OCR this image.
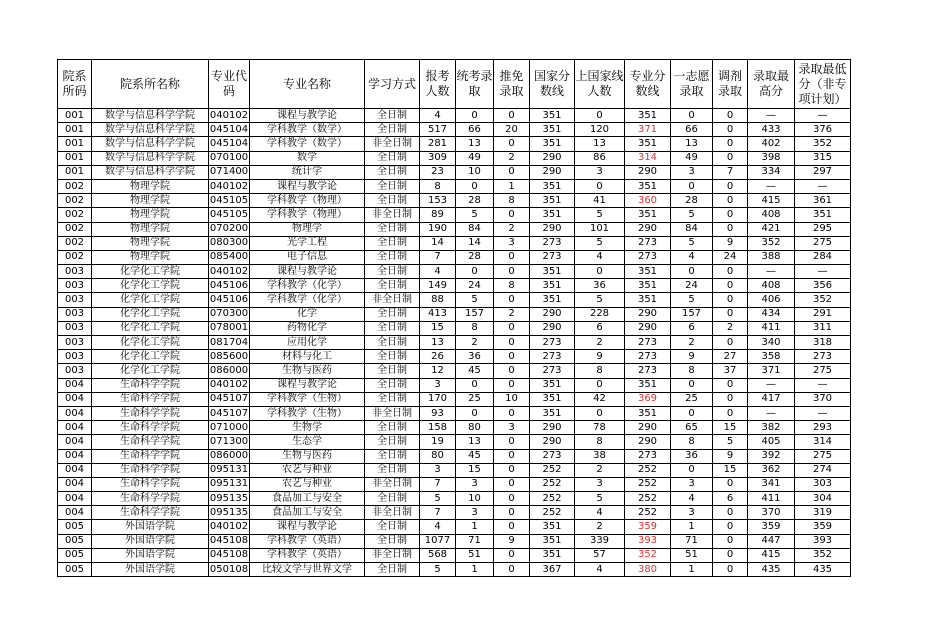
院系所码	院系所名称	专业代码	专业名称	学习方式	报考人数	统考录取	推免录取	国家分数线	上国家线人数	专业分数线	一志愿录取	调剂录取	录取最高分	录取最低分（非专项计划）
001	数学与信息科学学院	040102	课程与教学论	全日制	4	0	0	351	0	351	0	0	—	—
001	数学与信息科学学院	045104	学科教学（数学）	全日制	517	66	20	351	120	371	66	0	433	376
001	数学与信息科学学院	045104	学科教学（数学）	非全日制	281	13	0	351	13	351	13	0	402	352
001	数学与信息科学学院	070100	数学	全日制	309	49	2	290	86	314	49	0	398	315
001	数学与信息科学学院	071400	统计学	全日制	23	10	0	290	3	290	3	7	334	297
002	物理学院	040102	课程与教学论	全日制	8	0	1	351	0	351	0	0	—	—
002	物理学院	045105	学科教学（物理）	全日制	153	28	8	351	41	360	28	0	415	361
002	物理学院	045105	学科教学（物理）	非全日制	89	5	0	351	5	351	5	0	408	351
002	物理学院	070200	物理学	全日制	190	84	2	290	101	290	84	0	421	295
002	物理学院	080300	光学工程	全日制	14	14	3	273	5	273	5	9	352	275
002	物理学院	085400	电子信息	全日制	7	28	0	273	4	273	4	24	388	284
003	化学化工学院	040102	课程与教学论	全日制	4	0	0	351	0	351	0	0	—	—
003	化学化工学院	045106	学科教学（化学）	全日制	149	24	8	351	36	351	24	0	408	356
003	化学化工学院	045106	学科教学（化学）	非全日制	88	5	0	351	5	351	5	0	406	352
003	化学化工学院	070300	化学	全日制	413	157	2	290	228	290	157	0	434	291
003	化学化工学院	078001	药物化学	全日制	15	8	0	290	6	290	6	2	411	311
003	化学化工学院	081704	应用化学	全日制	13	2	0	273	2	273	2	0	340	318
003	化学化工学院	085600	材料与化工	全日制	26	36	0	273	9	273	9	27	358	273
003	化学化工学院	086000	生物与医药	全日制	12	45	0	273	8	273	8	37	371	275
004	生命科学学院	040102	课程与教学论	全日制	3	0	0	351	0	351	0	0	—	—
004	生命科学学院	045107	学科教学（生物）	全日制	170	25	10	351	42	369	25	0	417	370
004	生命科学学院	045107	学科教学（生物）	非全日制	93	0	0	351	0	351	0	0	—	—
004	生命科学学院	071000	生物学	全日制	158	80	3	290	78	290	65	15	382	293
004	生命科学学院	071300	生态学	全日制	19	13	0	290	8	290	8	5	405	314
004	生命科学学院	086000	生物与医药	全日制	80	45	0	273	38	273	36	9	392	275
004	生命科学学院	095131	农艺与种业	全日制	3	15	0	252	2	252	0	15	362	274
004	生命科学学院	095131	农艺与种业	非全日制	7	3	0	252	3	252	3	0	341	303
004	生命科学学院	095135	食品加工与安全	全日制	5	10	0	252	5	252	4	6	411	304
004	生命科学学院	095135	食品加工与安全	非全日制	7	3	0	252	4	252	3	0	370	319
005	外国语学院	040102	课程与教学论	全日制	4	1	0	351	2	359	1	0	359	359
005	外国语学院	045108	学科教学（英语）	全日制	1077	71	9	351	339	393	71	0	447	393
005	外国语学院	045108	学科教学（英语）	非全日制	568	51	0	351	57	352	51	0	415	352
005	外国语学院	050108	比较文学与世界文学	全日制	5	1	0	367	4	380	1	0	435	435
